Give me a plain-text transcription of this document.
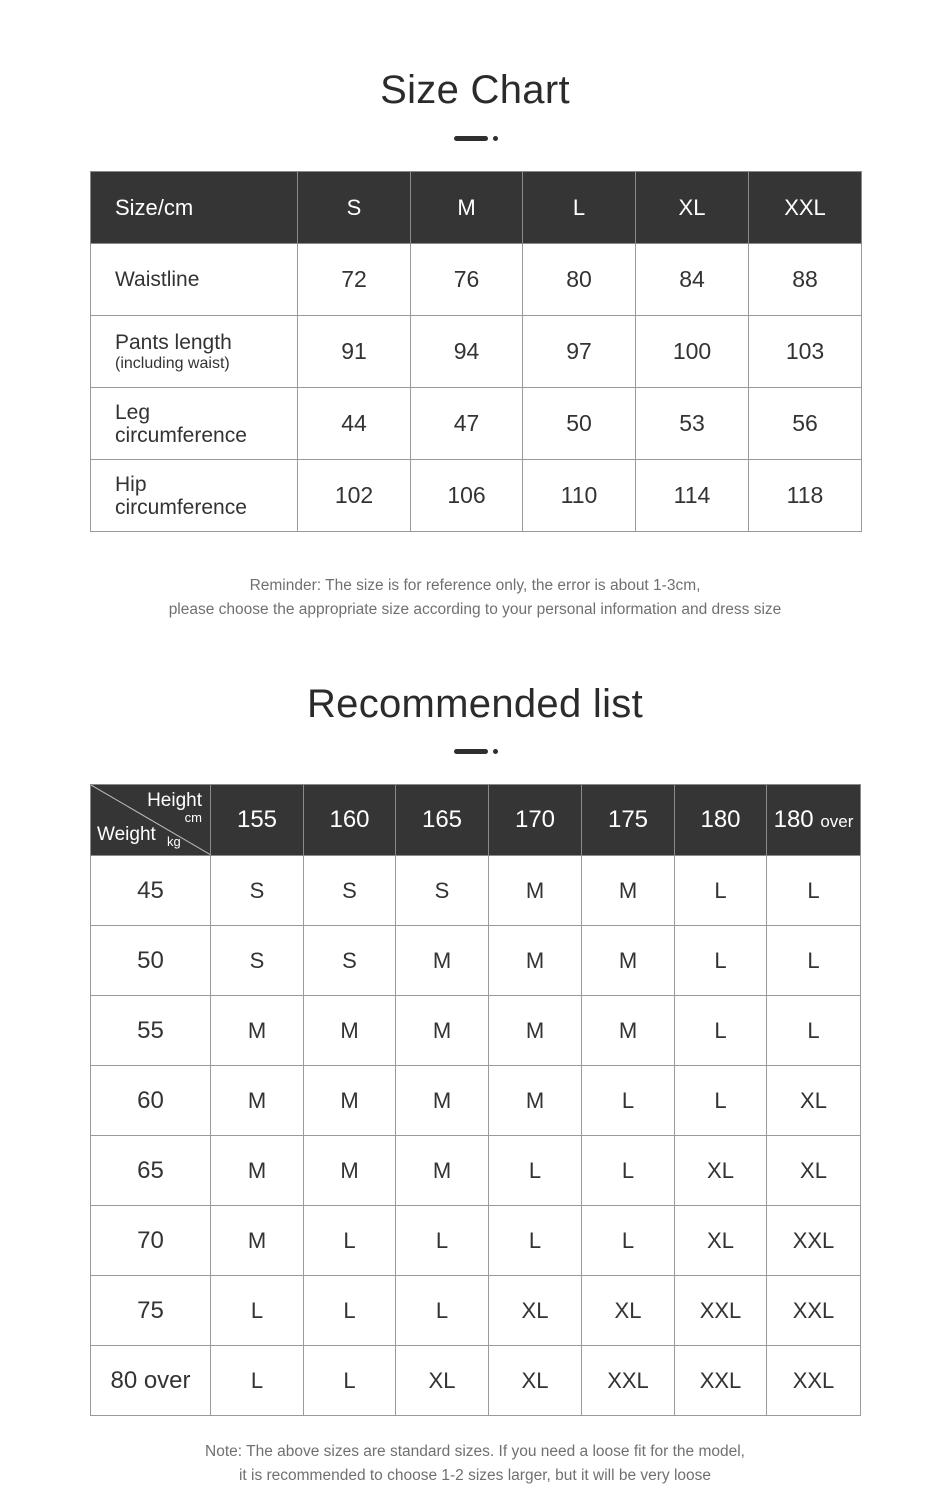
Size Chart
Size/cm	S	M	L	XL	XXL
Waistline	72	76	80	84	88
Pants length
(including waist)	91	94	97	100	103
Leg circumference	44	47	50	53	56
Hip circumference	102	106	110	114	118
Reminder: The size is for reference only, the error is about 1-3cm,
please choose the appropriate size according to your personal information and dress size
Recommended list
Height
cm
Weight kg	155	160	165	170	175	180	180 over
45	S	S	S	M	M	L	L
50	S	S	M	M	M	L	L
55	M	M	M	M	M	L	L
60	M	M	M	M	L	L	XL
65	M	M	M	L	L	XL	XL
70	M	L	L	L	L	XL	XXL
75	L	L	L	XL	XL	XXL	XXL
80 over	L	L	XL	XL	XXL	XXL	XXL
Note: The above sizes are standard sizes. If you need a loose fit for the model,
it is recommended to choose 1-2 sizes larger, but it will be very loose
